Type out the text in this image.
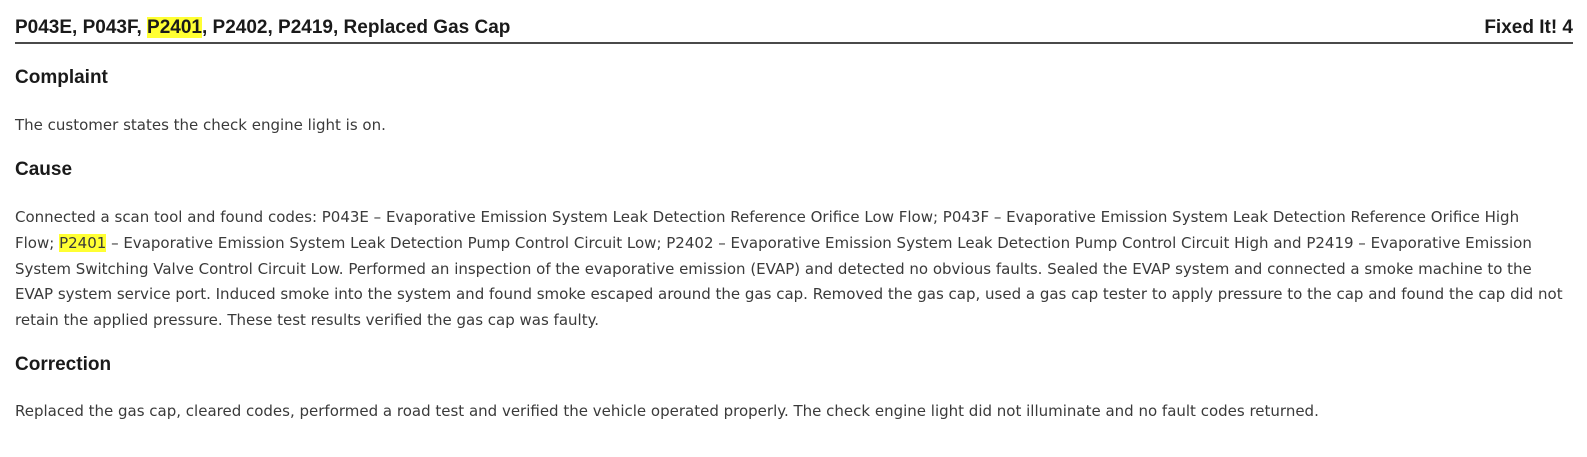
P043E, P043F, P2401, P2402, P2419, Replaced Gas Cap	Fixed It! 4
Complaint

The customer states the check engine light is on.

Cause

Connected a scan tool and found codes: P043E – Evaporative Emission System Leak Detection Reference Orifice Low Flow; P043F – Evaporative Emission System Leak Detection Reference Orifice High Flow; P2401 – Evaporative Emission System Leak Detection Pump Control Circuit Low; P2402 – Evaporative Emission System Leak Detection Pump Control Circuit High and P2419 – Evaporative Emission System Switching Valve Control Circuit Low. Performed an inspection of the evaporative emission (EVAP) and detected no obvious faults. Sealed the EVAP system and connected a smoke machine to the EVAP system service port. Induced smoke into the system and found smoke escaped around the gas cap. Removed the gas cap, used a gas cap tester to apply pressure to the cap and found the cap did not retain the applied pressure. These test results verified the gas cap was faulty.

Correction

Replaced the gas cap, cleared codes, performed a road test and verified the vehicle operated properly. The check engine light did not illuminate and no fault codes returned.
